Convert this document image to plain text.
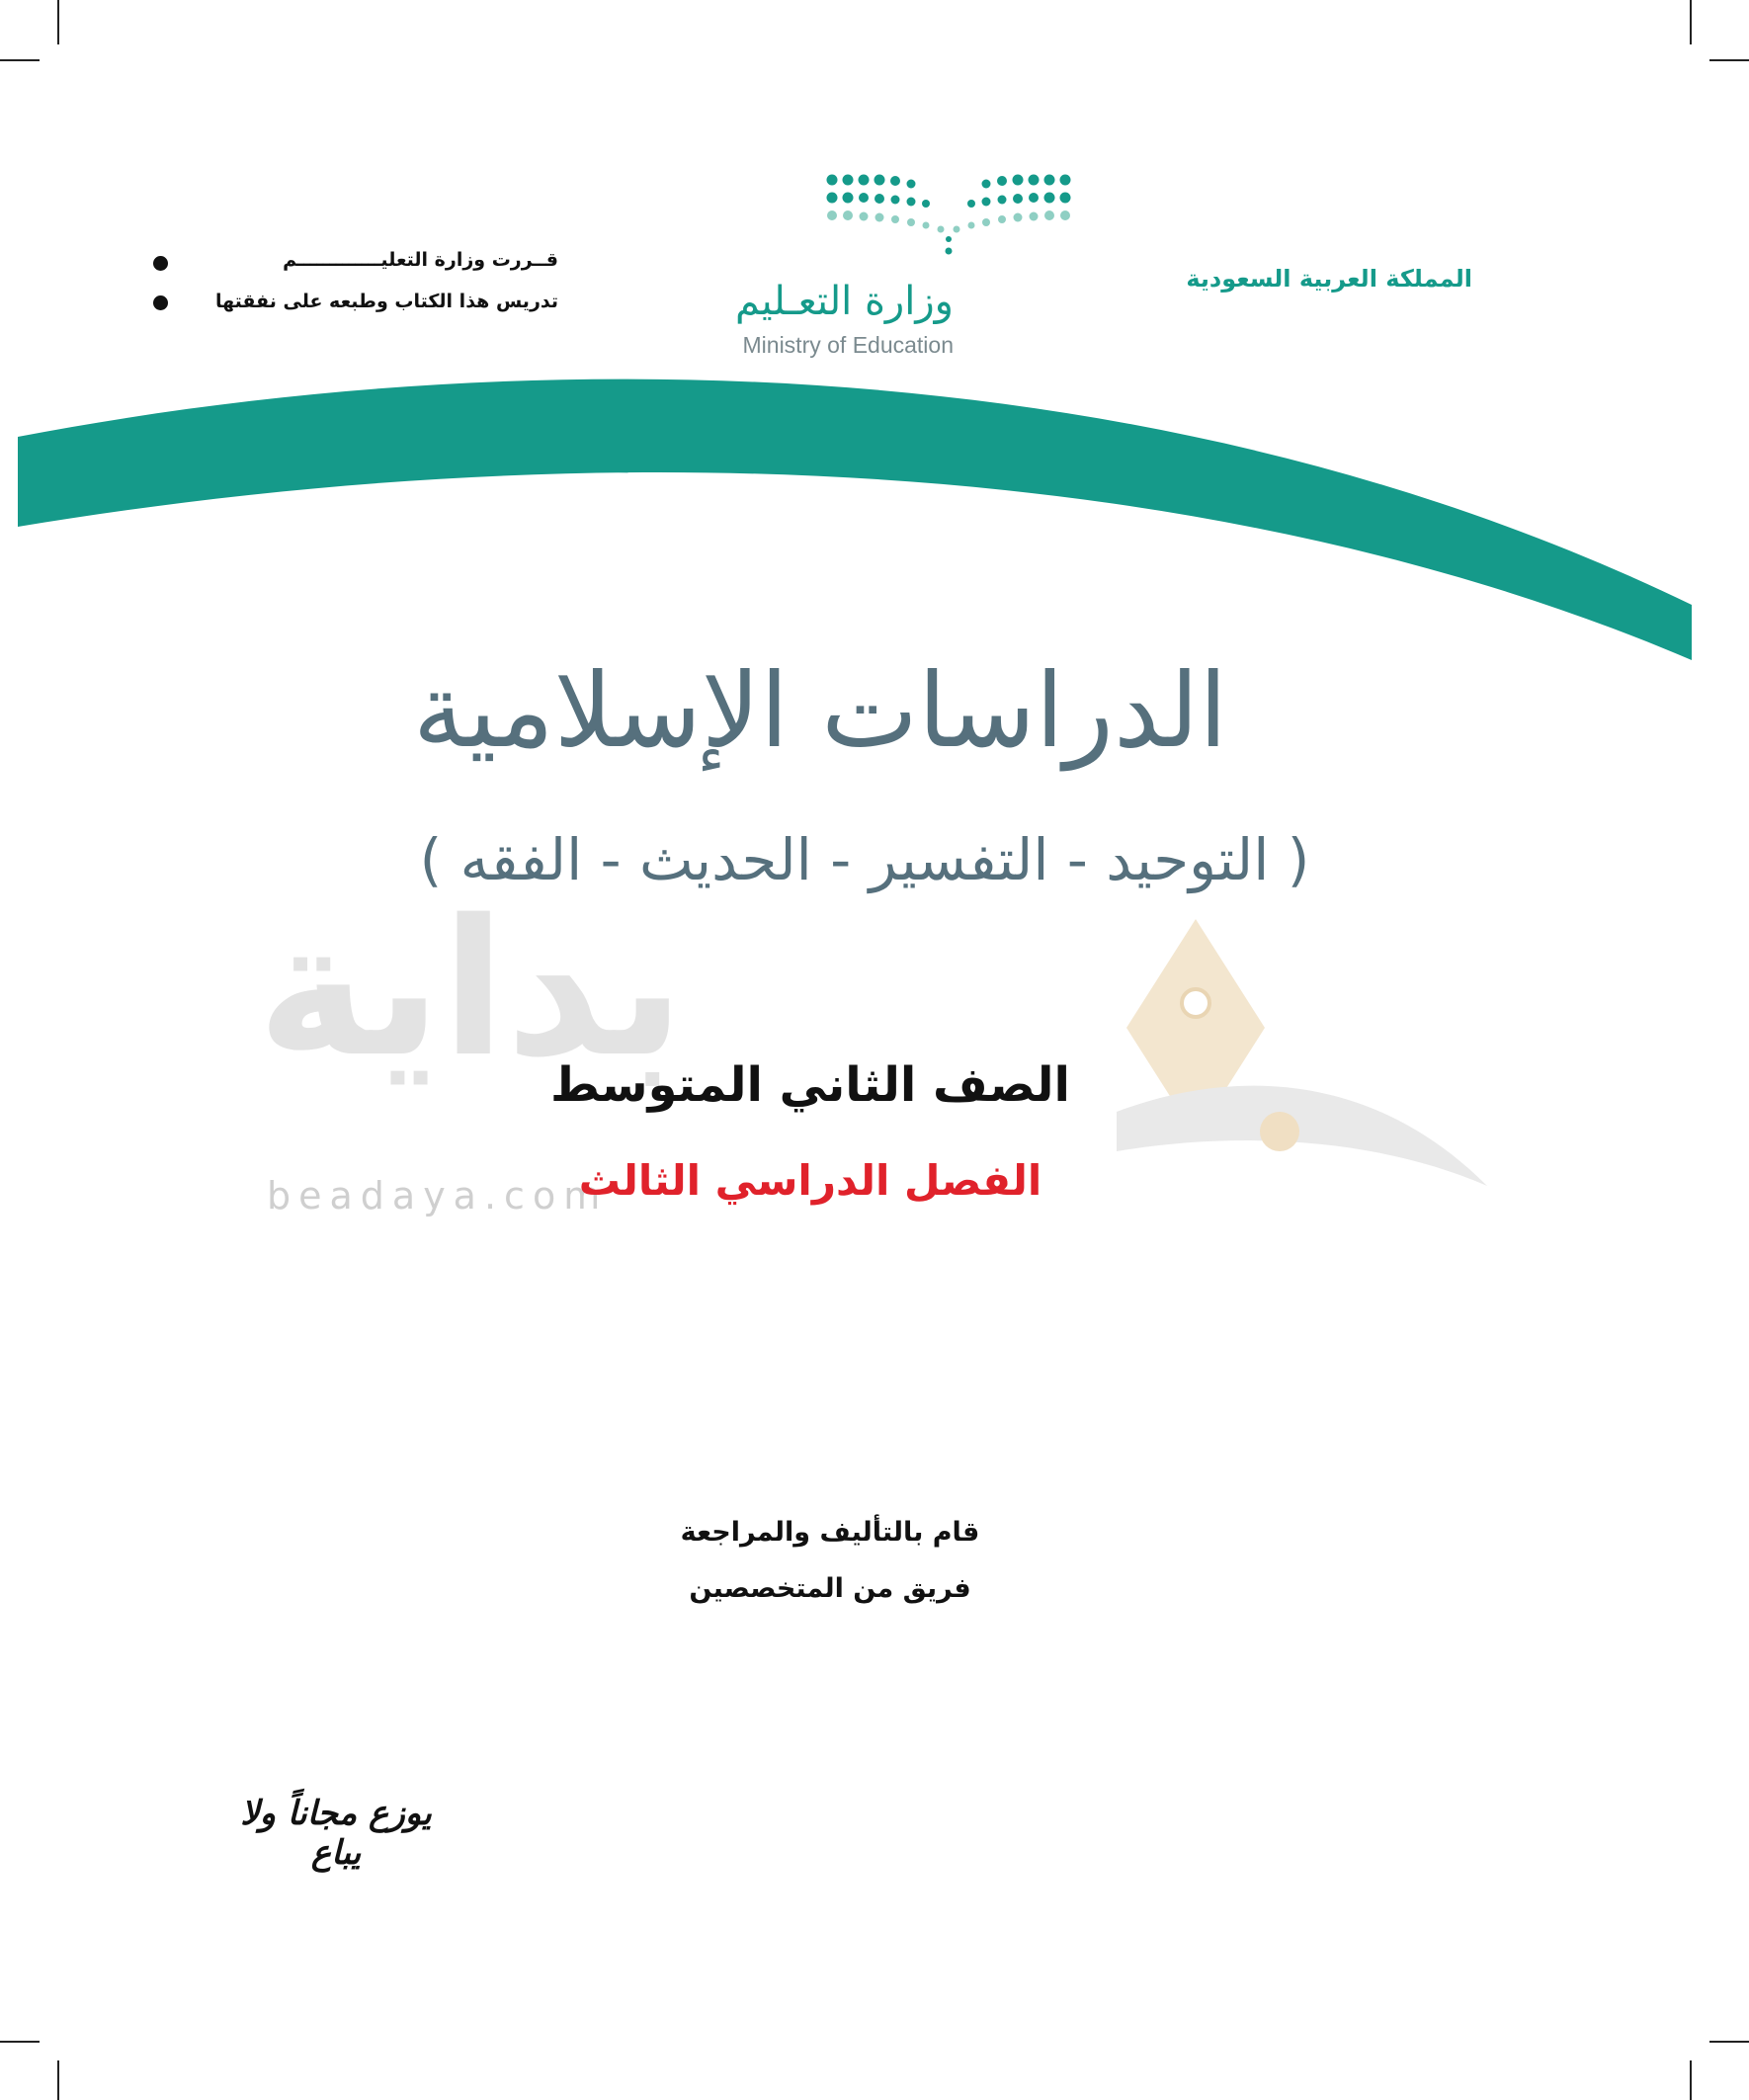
المملكة العربية السعودية
وزارة التعـليم
Ministry of Education
قــررت وزارة التعليـــــــــــــم
تدريس هذا الكتاب وطبعه على نفقتها
بداية
beadaya.com
الدراسات الإسلامية
( التوحيد - التفسير - الحديث - الفقه )
الصف الثاني المتوسط
الفصل الدراسي الثالث
قام بالتأليف والمراجعة
فريق من المتخصصين
يوزع مجاناً ولا يباع
